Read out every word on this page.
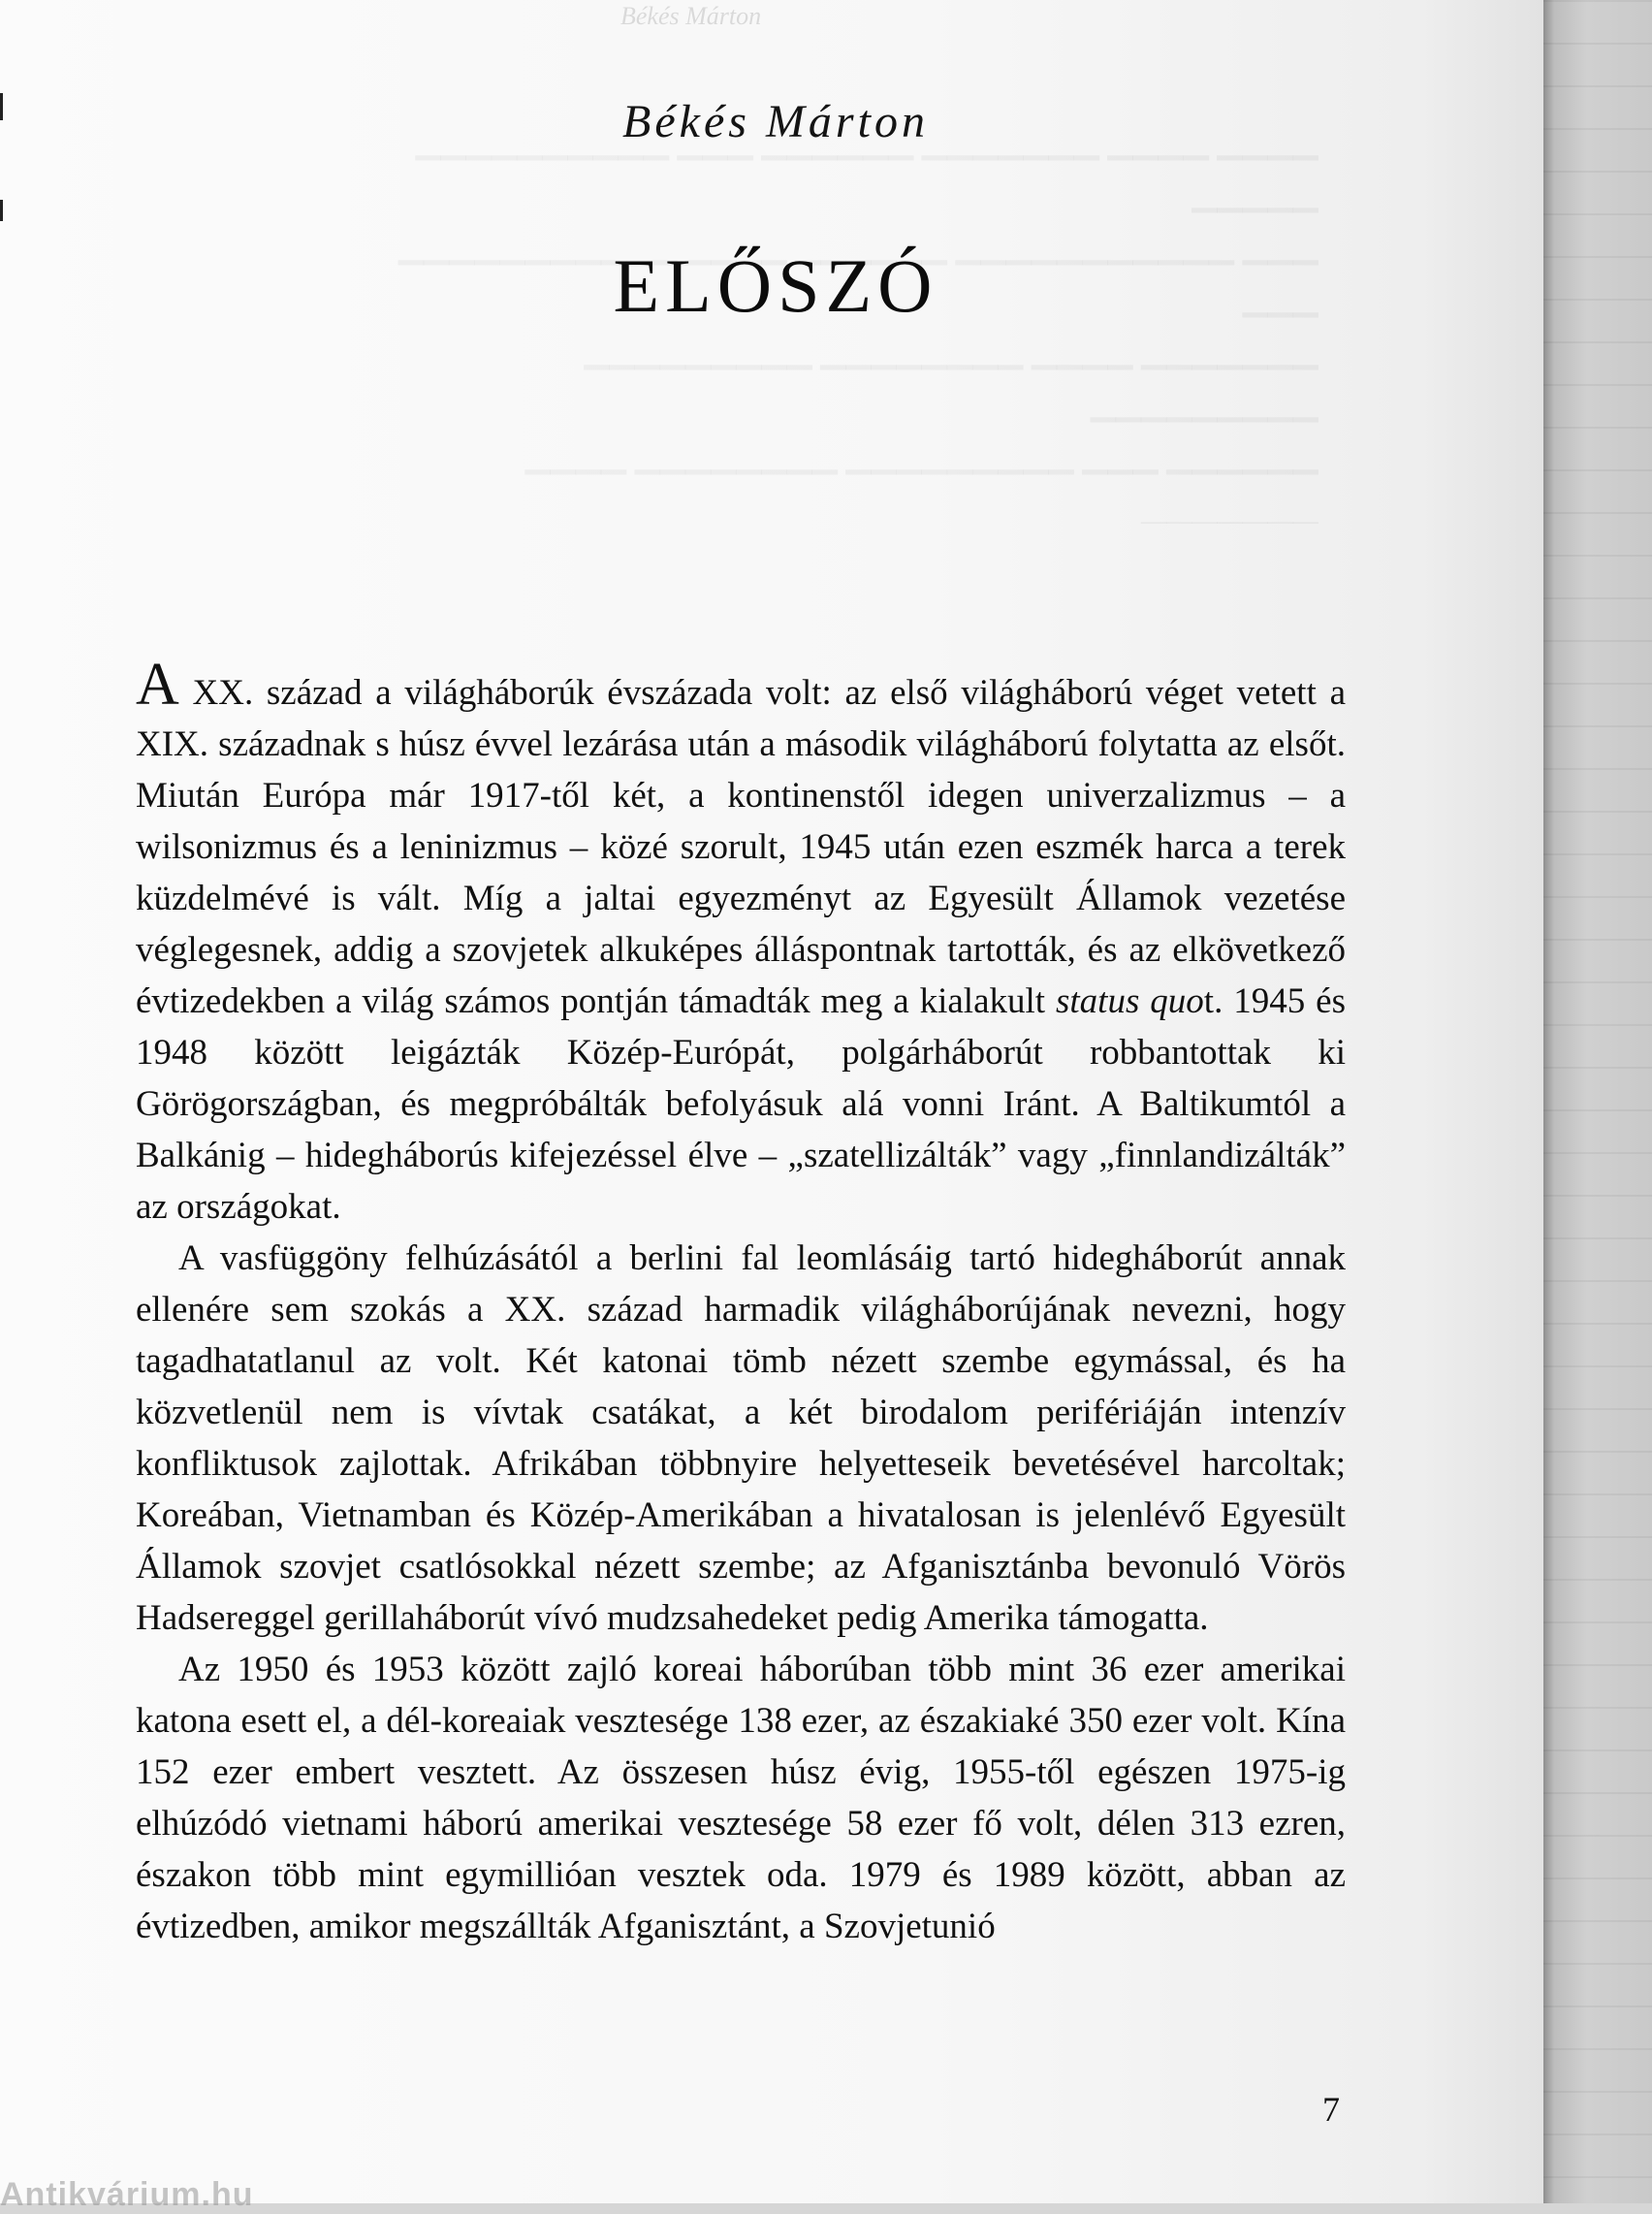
Békés Márton
Békés Márton
ELŐSZÓ

A XX. század a világháborúk évszázada volt: az első világháború véget vetett a XIX. századnak s húsz évvel lezárása után a második világháború folytatta az elsőt. Miután Európa már 1917-től két, a kontinenstől idegen univerzalizmus – a wilsonizmus és a leninizmus – közé szorult, 1945 után ezen eszmék harca a terek küzdelmévé is vált. Míg a jaltai egyezményt az Egyesült Államok vezetése véglegesnek, addig a szovjetek alkuképes álláspontnak tartották, és az elkövetkező évtizedekben a világ számos pontján támadták meg a kialakult status quot. 1945 és 1948 között leigázták Közép-Európát, polgárháborút robbantottak ki Görögországban, és megpróbálták befolyásuk alá vonni Iránt. A Baltikumtól a Balkánig – hidegháborús kifejezéssel élve – „szatellizálták” vagy „finnlandizálták” az országokat.

A vasfüggöny felhúzásától a berlini fal leomlásáig tartó hidegháborút annak ellenére sem szokás a XX. század harmadik világháborújának nevezni, hogy tagadhatatlanul az volt. Két katonai tömb nézett szembe egymással, és ha közvetlenül nem is vívtak csatákat, a két birodalom perifériáján intenzív konfliktusok zajlottak. Afrikában többnyire helyetteseik bevetésével harcoltak; Koreában, Vietnamban és Közép-Amerikában a hivatalosan is jelenlévő Egyesült Államok szovjet csatlósokkal nézett szembe; az Afganisztánba bevonuló Vörös Hadsereggel gerillaháborút vívó mudzsahedeket pedig Amerika támogatta.

Az 1950 és 1953 között zajló koreai háborúban több mint 36 ezer amerikai katona esett el, a dél-koreaiak vesztesége 138 ezer, az északiaké 350 ezer volt. Kína 152 ezer embert vesztett. Az összesen húsz évig, 1955-től egészen 1975-ig elhúzódó vietnami háború amerikai vesztesége 58 ezer fő volt, délen 313 ezren, északon több mint egymillióan vesztek oda. 1979 és 1989 között, abban az évtizedben, amikor megszállták Afganisztánt, a Szovjetunió

7
Antikvárium.hu
